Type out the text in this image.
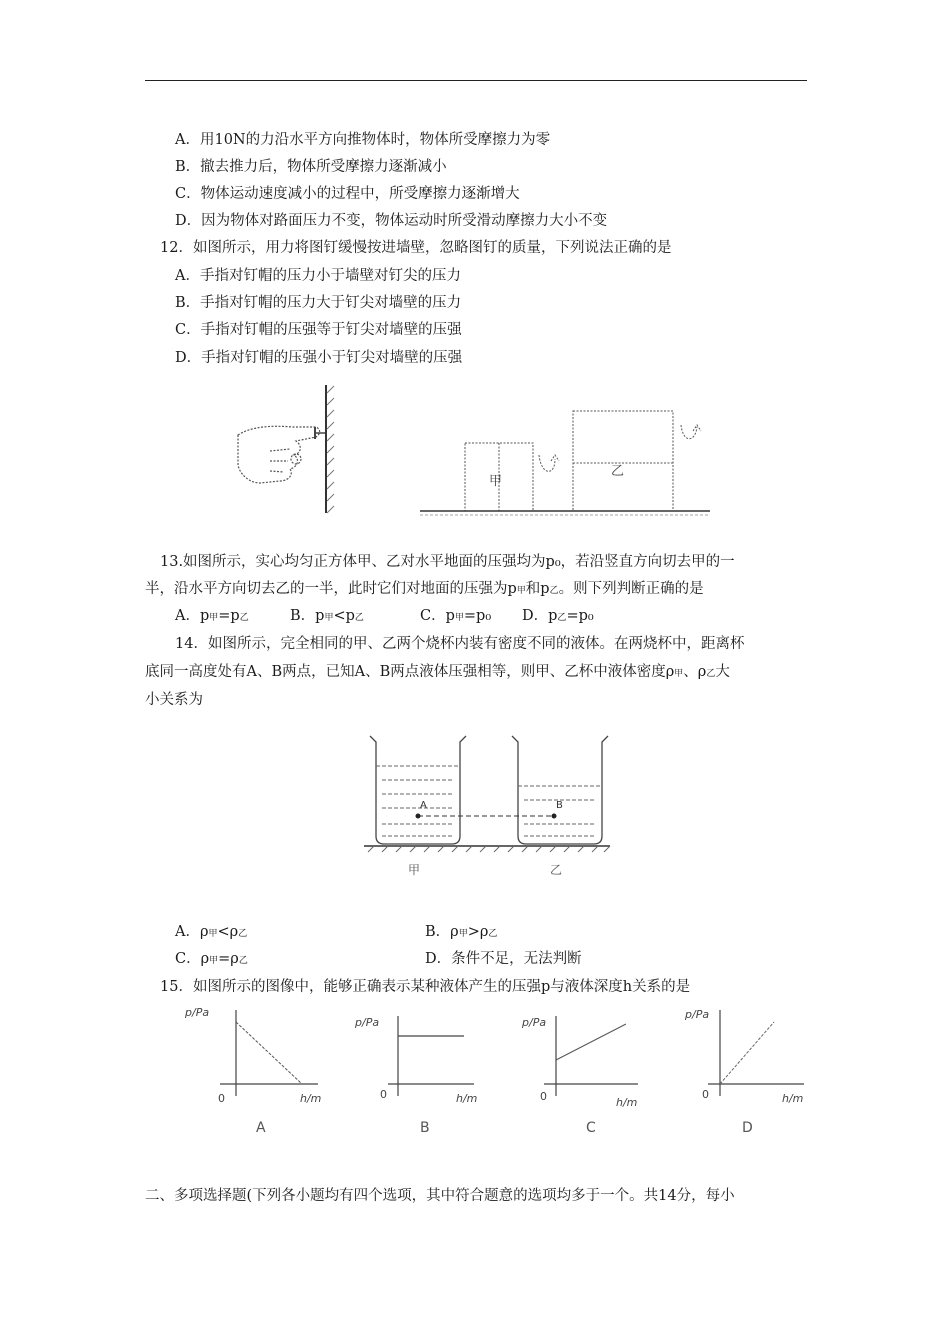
A．用10N的力沿水平方向推物体时，物体所受摩擦力为零
B．撤去推力后，物体所受摩擦力逐渐减小
C．物体运动速度减小的过程中，所受摩擦力逐渐增大
D．因为物体对路面压力不变，物体运动时所受滑动摩擦力大小不变
12．如图所示，用力将图钉缓慢按进墙壁，忽略图钉的质量，下列说法正确的是
A．手指对钉帽的压力小于墙壁对钉尖的压力
B．手指对钉帽的压力大于钉尖对墙壁的压力
C．手指对钉帽的压强等于钉尖对墙壁的压强
D．手指对钉帽的压强小于钉尖对墙壁的压强
甲
乙
13.如图所示，实心均匀正方体甲、乙对水平地面的压强均为p₀，若沿竖直方向切去甲的一
半，沿水平方向切去乙的一半，此时它们对地面的压强为p甲和p乙。则下列判断正确的是
A．p甲=p乙	B．p甲<p乙	C．p甲=p₀ D．p乙=p₀
14．如图所示，完全相同的甲、乙两个烧杯内装有密度不同的液体。在两烧杯中，距离杯
底同一高度处有A、B两点，已知A、B两点液体压强相等，则甲、乙杯中液体密度ρ甲、ρ乙大
小关系为
A	B
甲	乙
A．ρ甲<ρ乙	B．ρ甲>ρ乙
C．ρ甲=ρ乙	D．条件不足，无法判断
15．如图所示的图像中，能够正确表示某种液体产生的压强p与液体深度h关系的是
p/Pa
0	h/m
A
p/Pa
0	h/m
B
p/Pa
0	h/m
C
p/Pa
0	h/m
D
二、多项选择题(下列各小题均有四个选项，其中符合题意的选项均多于一个。共14分，每小
